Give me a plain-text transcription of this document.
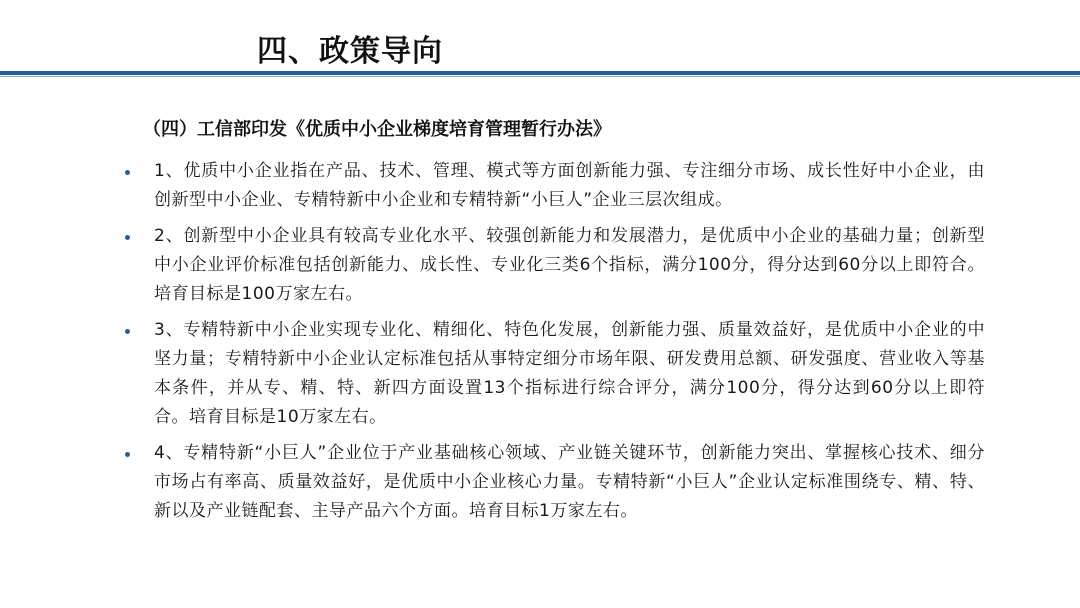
四、政策导向
（四）工信部印发《优质中小企业梯度培育管理暂行办法》
1、优质中小企业指在产品、技术、管理、模式等方面创新能力强、专注细分市场、成长性好中小企业，由创新型中小企业、专精特新中小企业和专精特新“小巨人”企业三层次组成。
2、创新型中小企业具有较高专业化水平、较强创新能力和发展潜力，是优质中小企业的基础力量；创新型中小企业评价标准包括创新能力、成长性、专业化三类6个指标，满分100分，得分达到60分以上即符合。培育目标是100万家左右。
3、专精特新中小企业实现专业化、精细化、特色化发展，创新能力强、质量效益好，是优质中小企业的中坚力量；专精特新中小企业认定标准包括从事特定细分市场年限、研发费用总额、研发强度、营业收入等基本条件，并从专、精、特、新四方面设置13个指标进行综合评分，满分100分，得分达到60分以上即符合。培育目标是10万家左右。
4、专精特新“小巨人”企业位于产业基础核心领域、产业链关键环节，创新能力突出、掌握核心技术、细分市场占有率高、质量效益好，是优质中小企业核心力量。专精特新“小巨人”企业认定标准围绕专、精、特、新以及产业链配套、主导产品六个方面。培育目标1万家左右。
